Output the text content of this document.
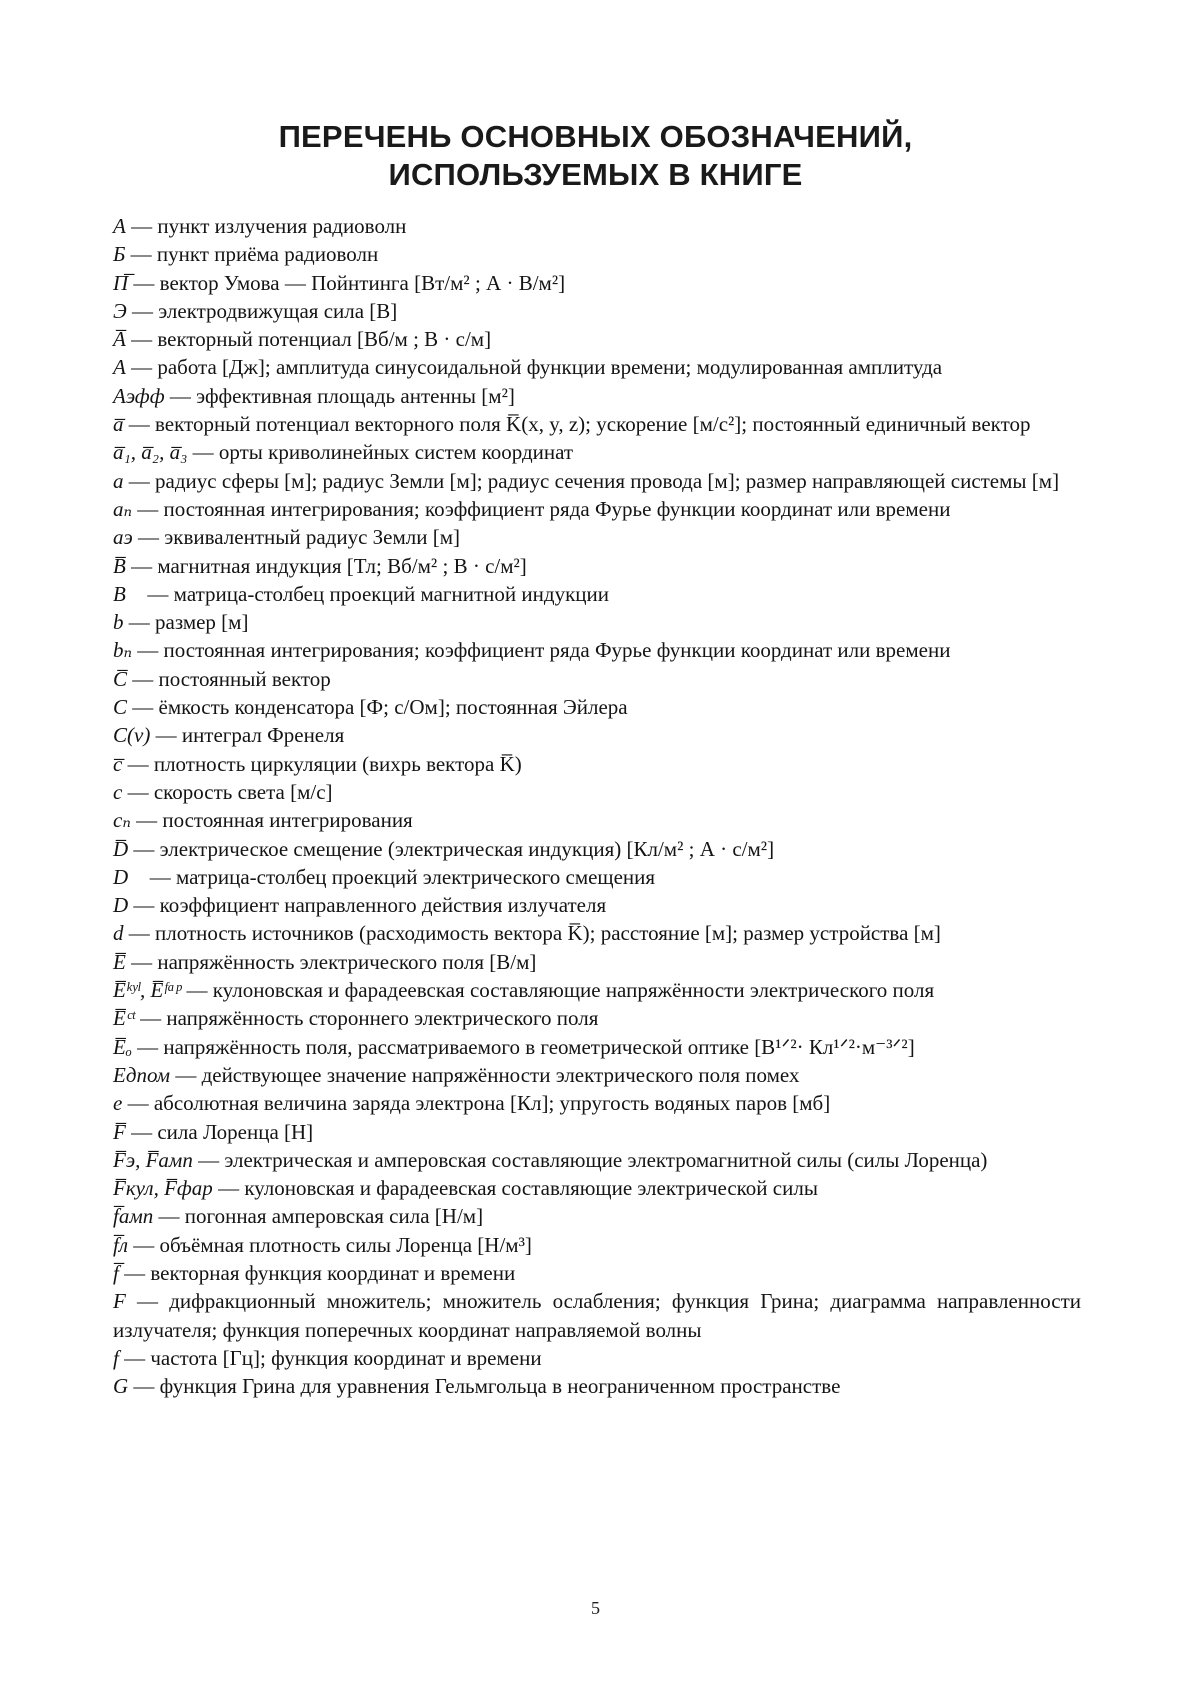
ПЕРЕЧЕНЬ ОСНОВНЫХ ОБОЗНАЧЕНИЙ,
ИСПОЛЬЗУЕМЫХ В КНИГЕ

А — пункт излучения радиоволн

Б — пункт приёма радиоволн

П̅ — вектор Умова — Пойнтинга [Вт/м² ; А · В/м²]

Э — электродвижущая сила [В]

A̅ — векторный потенциал [Вб/м ; В · с/м]

A — работа [Дж]; амплитуда синусоидальной функции времени; модулированная амплитуда

Aэфф — эффективная площадь антенны [м²]

a̅ — векторный потенциал векторного поля K̅(x, y, z); ускорение [м/с²]; постоянный единичный вектор

a̅₁, a̅₂, a̅₃ — орты криволинейных систем координат

a — радиус сферы [м]; радиус Земли [м]; радиус сечения провода [м]; размер направляющей системы [м]

aₙ — постоянная интегрирования; коэффициент ряда Фурье функции координат или времени

aэ — эквивалентный радиус Земли [м]

B̅ — магнитная индукция [Тл; Вб/м² ; В · с/м²]

B⃗ — матрица-столбец проекций магнитной индукции

b — размер [м]

bₙ — постоянная интегрирования; коэффициент ряда Фурье функции координат или времени

C̅ — постоянный вектор

C — ёмкость конденсатора [Ф; с/Ом]; постоянная Эйлера

C(v) — интеграл Френеля

c̅ — плотность циркуляции (вихрь вектора K̅)

c — скорость света [м/с]

cₙ — постоянная интегрирования

D̅ — электрическое смещение (электрическая индукция) [Кл/м² ; А · с/м²]

D⃗ — матрица-столбец проекций электрического смещения

D — коэффициент направленного действия излучателя

d — плотность источников (расходимость вектора K̅); расстояние [м]; размер устройства [м]

E̅ — напряжённость электрического поля [В/м]

E̅ᵏʸˡ, E̅ᶠᵃᵖ — кулоновская и фарадеевская составляющие напряжённости электрического поля

E̅ᶜᵗ — напряжённость стороннего электрического поля

E̅ₒ — напряжённость поля, рассматриваемого в геометрической оптике [В¹ᐟ²· Кл¹ᐟ²·м⁻³ᐟ²]

Eдпом — действующее значение напряжённости электрического поля помех

e — абсолютная величина заряда электрона [Кл]; упругость водяных паров [мб]

F̅ — сила Лоренца [Н]

F̅э, F̅амп — электрическая и амперовская составляющие электромагнитной силы (силы Лоренца)

F̅кул, F̅фар — кулоновская и фарадеевская составляющие электрической силы

f̅амп — погонная амперовская сила [Н/м]

f̅л — объёмная плотность силы Лоренца [Н/м³]

f̅ — векторная функция координат и времени

F — дифракционный множитель; множитель ослабления; функция Грина; диаграмма направленности излучателя; функция поперечных координат направляемой волны

f — частота [Гц]; функция координат и времени

G — функция Грина для уравнения Гельмгольца в неограниченном пространстве

5
